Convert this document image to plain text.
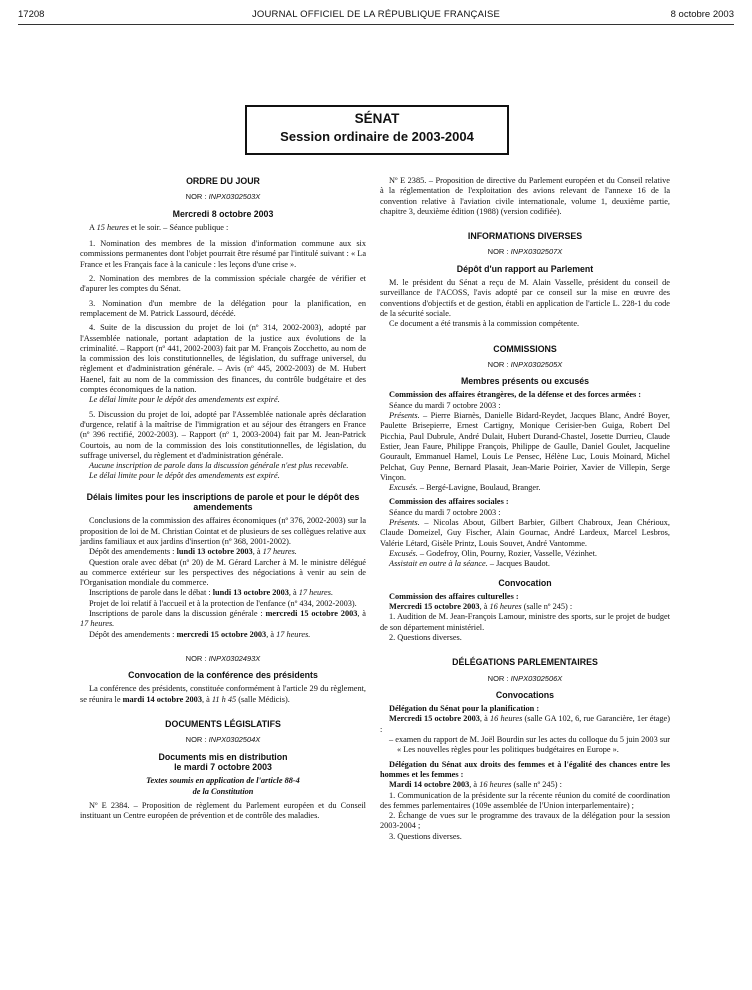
17208	JOURNAL OFFICIEL DE LA RÉPUBLIQUE FRANÇAISE	8 octobre 2003
SÉNAT
Session ordinaire de 2003-2004

ORDRE DU JOUR

NOR : INPX0302503X

Mercredi 8 octobre 2003

A 15 heures et le soir. – Séance publique :

1. Nomination des membres de la mission d'information commune aux six commissions permanentes dont l'objet pourrait être résumé par l'intitulé suivant : « La France et les Français face à la canicule : les leçons d'une crise ».

2. Nomination des membres de la commission spéciale chargée de vérifier et d'apurer les comptes du Sénat.

3. Nomination d'un membre de la délégation pour la planification, en remplacement de M. Patrick Lassourd, décédé.

4. Suite de la discussion du projet de loi (nº 314, 2002-2003), adopté par l'Assemblée nationale, portant adaptation de la justice aux évolutions de la criminalité. – Rapport (nº 441, 2002-2003) fait par M. François Zocchetto, au nom de la commission des lois constitutionnelles, de législation, du suffrage universel, du règlement et d'administration générale. – Avis (nº 445, 2002-2003) de M. Hubert Haenel, fait au nom de la commission des finances, du contrôle budgétaire et des comptes économiques de la nation.

Le délai limite pour le dépôt des amendements est expiré.

5. Discussion du projet de loi, adopté par l'Assemblée nationale après déclaration d'urgence, relatif à la maîtrise de l'immigration et au séjour des étrangers en France (nº 396 rectifié, 2002-2003). – Rapport (nº 1, 2003-2004) fait par M. Jean-Patrick Courtois, au nom de la commission des lois constitutionnelles, de législation, du suffrage universel, du règlement et d'administration générale.

Aucune inscription de parole dans la discussion générale n'est plus recevable.

Le délai limite pour le dépôt des amendements est expiré.

Délais limites pour les inscriptions de parole et pour le dépôt des amendements

Conclusions de la commission des affaires économiques (nº 376, 2002-2003) sur la proposition de loi de M. Christian Cointat et de plusieurs de ses collègues relative aux jardins familiaux et aux jardins d'insertion (nº 368, 2001-2002).

Dépôt des amendements : lundi 13 octobre 2003, à 17 heures.

Question orale avec débat (nº 20) de M. Gérard Larcher à M. le ministre délégué au commerce extérieur sur les perspectives des négociations à venir au sein de l'Organisation mondiale du commerce.

Inscriptions de parole dans le débat : lundi 13 octobre 2003, à 17 heures.

Projet de loi relatif à l'accueil et à la protection de l'enfance (nº 434, 2002-2003).

Inscriptions de parole dans la discussion générale : mercredi 15 octobre 2003, à 17 heures.

Dépôt des amendements : mercredi 15 octobre 2003, à 17 heures.

NOR : INPX0302493X

Convocation de la conférence des présidents

La conférence des présidents, constituée conformément à l'article 29 du règlement, se réunira le mardi 14 octobre 2003, à 11 h 45 (salle Médicis).

DOCUMENTS LÉGISLATIFS

NOR : INPX0302504X

Documents mis en distribution

le mardi 7 octobre 2003

Textes soumis en application de l'article 88-4

de la Constitution

Nº E 2384. – Proposition de règlement du Parlement européen et du Conseil instituant un Centre européen de prévention et de contrôle des maladies.

Nº E 2385. – Proposition de directive du Parlement européen et du Conseil relative à la réglementation de l'exploitation des avions relevant de l'annexe 16 de la convention relative à l'aviation civile internationale, volume 1, deuxième partie, chapitre 3, deuxième édition (1988) (version codifiée).

INFORMATIONS DIVERSES

NOR : INPX0302507X

Dépôt d'un rapport au Parlement

M. le président du Sénat a reçu de M. Alain Vasselle, président du conseil de surveillance de l'ACOSS, l'avis adopté par ce conseil sur la mise en œuvre des conventions d'objectifs et de gestion, établi en application de l'article L. 228-1 du code de la sécurité sociale.

Ce document a été transmis à la commission compétente.

COMMISSIONS

NOR : INPX0302505X

Membres présents ou excusés

Commission des affaires étrangères, de la défense et des forces armées :

Séance du mardi 7 octobre 2003 :

Présents. – Pierre Biarnès, Danielle Bidard-Reydet, Jacques Blanc, André Boyer, Paulette Brisepierre, Ernest Cartigny, Monique Cerisier-ben Guiga, Robert Del Picchia, Paul Dubrule, André Dulait, Hubert Durand-Chastel, Josette Durrieu, Claude Estier, Jean Faure, Philippe François, Philippe de Gaulle, Daniel Goulet, Jacqueline Gourault, Emmanuel Hamel, Louis Le Pensec, Hélène Luc, Louis Moinard, Michel Pelchat, Guy Penne, Bernard Plasait, Jean-Marie Poirier, Xavier de Villepin, Serge Vinçon.

Excusés. – Bergé-Lavigne, Boulaud, Branger.

Commission des affaires sociales :

Séance du mardi 7 octobre 2003 :

Présents. – Nicolas About, Gilbert Barbier, Gilbert Chabroux, Jean Chérioux, Claude Domeizel, Guy Fischer, Alain Gournac, André Lardeux, Marcel Lesbros, Valérie Létard, Gisèle Printz, Louis Souvet, André Vantomme.

Excusés. – Godefroy, Olin, Pourny, Rozier, Vasselle, Vézinhet.

Assistait en outre à la séance. – Jacques Baudot.

Convocation

Commission des affaires culturelles :

Mercredi 15 octobre 2003, à 16 heures (salle nº 245) :

1. Audition de M. Jean-François Lamour, ministre des sports, sur le projet de budget de son département ministériel.

2. Questions diverses.

DÉLÉGATIONS PARLEMENTAIRES

NOR : INPX0302506X

Convocations

Délégation du Sénat pour la planification :

Mercredi 15 octobre 2003, à 16 heures (salle GA 102, 6, rue Garancière, 1er étage) :

– examen du rapport de M. Joël Bourdin sur les actes du colloque du 5 juin 2003 sur « Les nouvelles règles pour les politiques budgétaires en Europe ».

Délégation du Sénat aux droits des femmes et à l'égalité des chances entre les hommes et les femmes :

Mardi 14 octobre 2003, à 16 heures (salle nº 245) :

1. Communication de la présidente sur la récente réunion du comité de coordination des femmes parlementaires (109e assemblée de l'Union interparlementaire) ;

2. Échange de vues sur le programme des travaux de la délégation pour la session 2003-2004 ;

3. Questions diverses.
